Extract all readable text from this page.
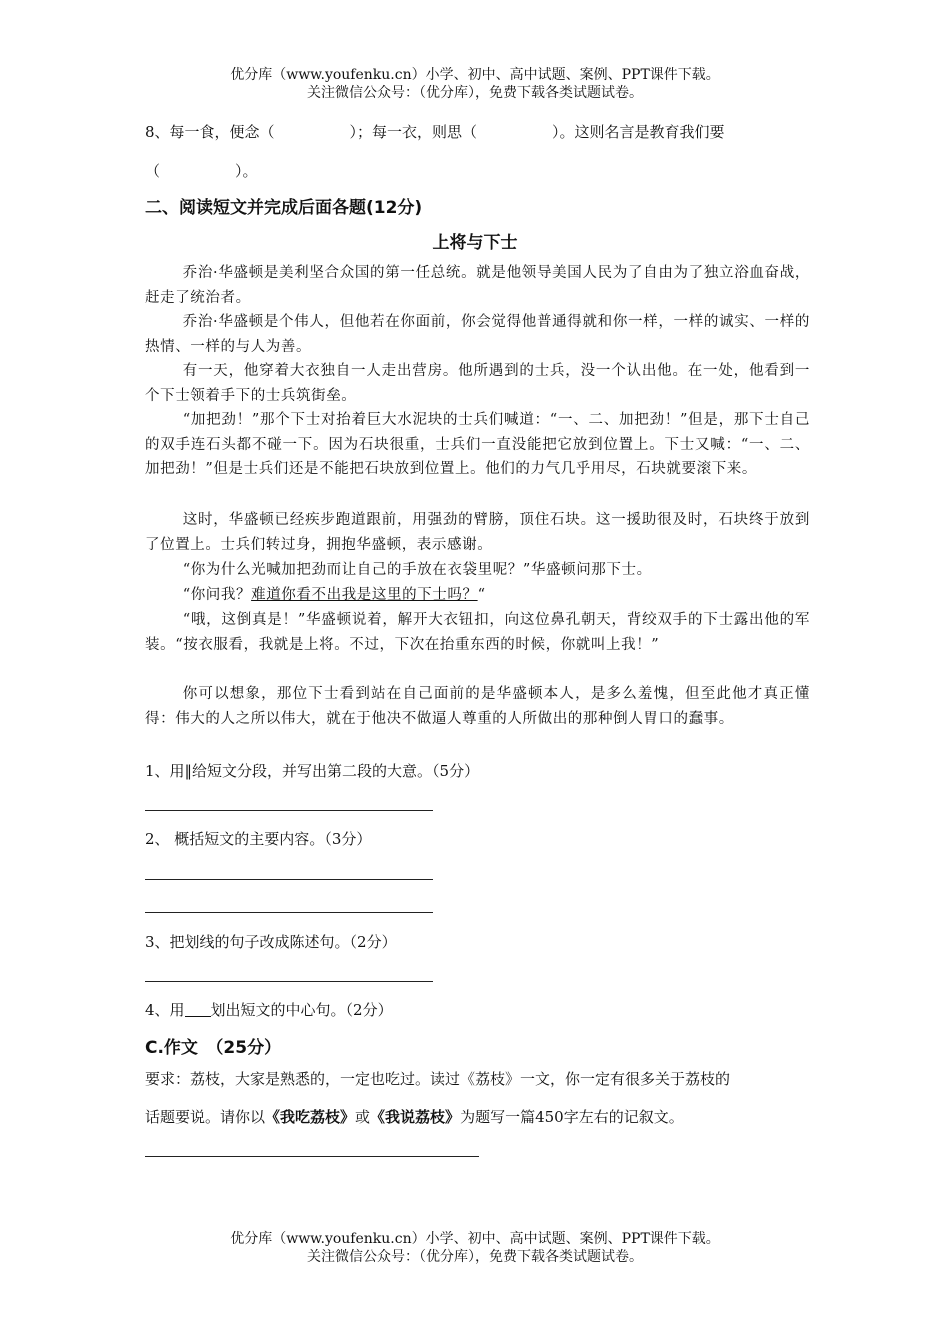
优分库（www.youfenku.cn）小学、初中、高中试题、案例、PPT课件下载。
关注微信公众号：（优分库），免费下载各类试题试卷。
8、每一食，便念（　　　　　）；每一衣，则思（　　　　　）。这则名言是教育我们要
（　　　　　）。
二、阅读短文并完成后面各题(12分)
上将与下士
乔治·华盛顿是美利坚合众国的第一任总统。就是他领导美国人民为了自由为了独立浴血奋战，赶走了统治者。
乔治·华盛顿是个伟人，但他若在你面前，你会觉得他普通得就和你一样，一样的诚实、一样的热情、一样的与人为善。
有一天，他穿着大衣独自一人走出营房。他所遇到的士兵，没一个认出他。在一处，他看到一个下士领着手下的士兵筑街垒。
“加把劲！”那个下士对抬着巨大水泥块的士兵们喊道：“一、二、加把劲！”但是，那下士自己的双手连石头都不碰一下。因为石块很重，士兵们一直没能把它放到位置上。下士又喊：“一、二、加把劲！”但是士兵们还是不能把石块放到位置上。他们的力气几乎用尽，石块就要滚下来。
这时，华盛顿已经疾步跑道跟前，用强劲的臂膀，顶住石块。这一援助很及时，石块终于放到了位置上。士兵们转过身，拥抱华盛顿，表示感谢。
“你为什么光喊加把劲而让自己的手放在衣袋里呢？”华盛顿问那下士。
“你问我？难道你看不出我是这里的下士吗？“
“哦，这倒真是！”华盛顿说着，解开大衣钮扣，向这位鼻孔朝天，背绞双手的下士露出他的军装。“按衣服看，我就是上将。不过，下次在抬重东西的时候，你就叫上我！”
你可以想象，那位下士看到站在自己面前的是华盛顿本人，是多么羞愧，但至此他才真正懂得：伟大的人之所以伟大，就在于他决不做逼人尊重的人所做出的那种倒人胃口的蠢事。
1、用‖给短文分段，并写出第二段的大意。（5分）
2、 概括短文的主要内容。（3分）
3、把划线的句子改成陈述句。（2分）
4、用 划出短文的中心句。（2分）
C.作文　（25分）
要求：荔枝，大家是熟悉的，一定也吃过。读过《荔枝》一文，你一定有很多关于荔枝的
话题要说。请你以《我吃荔枝》或《我说荔枝》为题写一篇450字左右的记叙文。
优分库（www.youfenku.cn）小学、初中、高中试题、案例、PPT课件下载。
关注微信公众号：（优分库），免费下载各类试题试卷。
